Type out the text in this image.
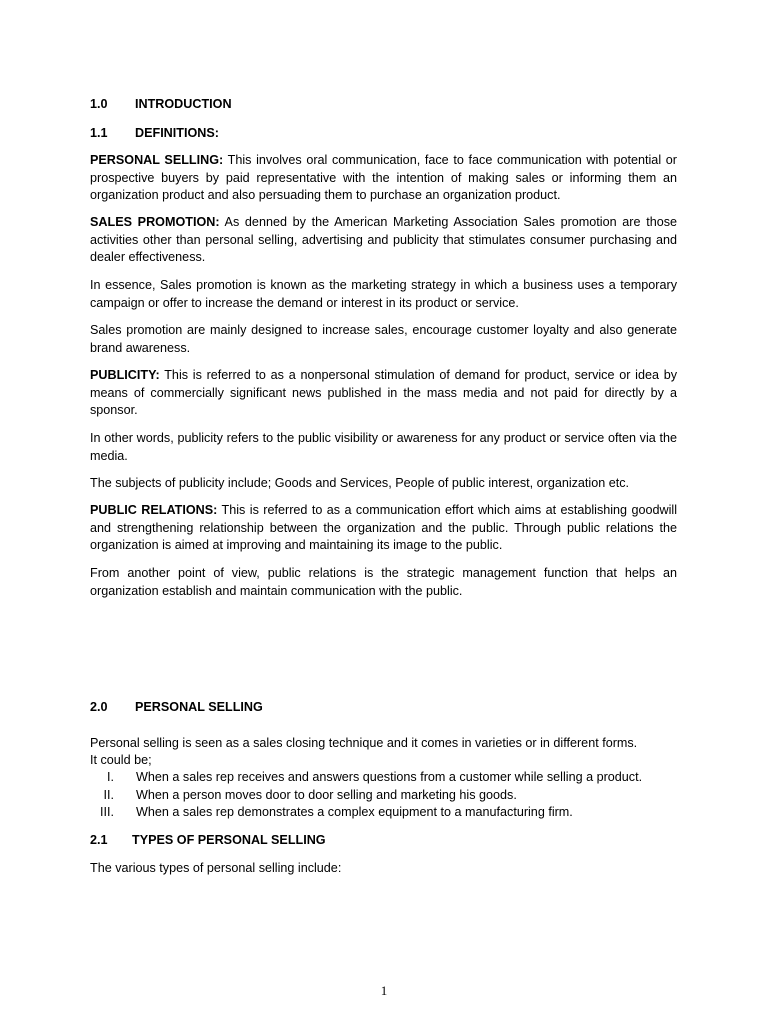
1.0 INTRODUCTION
1.1 DEFINITIONS:

PERSONAL SELLING: This involves oral communication, face to face communication with potential or prospective buyers by paid representative with the intention of making sales or informing them an organization product and also persuading them to purchase an organization product.

SALES PROMOTION: As denned by the American Marketing Association Sales promotion are those activities other than personal selling, advertising and publicity that stimulates consumer purchasing and dealer effectiveness.

In essence, Sales promotion is known as the marketing strategy in which a business uses a temporary campaign or offer to increase the demand or interest in its product or service.

Sales promotion are mainly designed to increase sales, encourage customer loyalty and also generate brand awareness.

PUBLICITY: This is referred to as a nonpersonal stimulation of demand for product, service or idea by means of commercially significant news published in the mass media and not paid for directly by a sponsor.

In other words, publicity refers to the public visibility or awareness for any product or service often via the media.

The subjects of publicity include; Goods and Services, People of public interest, organization etc.

PUBLIC RELATIONS: This is referred to as a communication effort which aims at establishing goodwill and strengthening relationship between the organization and the public. Through public relations the organization is aimed at improving and maintaining its image to the public.

From another point of view, public relations is the strategic management function that helps an organization establish and maintain communication with the public.

2.0 PERSONAL SELLING

Personal selling is seen as a sales closing technique and it comes in varieties or in different forms.

It could be;

I. When a sales rep receives and answers questions from a customer while selling a product.
II. When a person moves door to door selling and marketing his goods.
III. When a sales rep demonstrates a complex equipment to a manufacturing firm.
2.1 TYPES OF PERSONAL SELLING

The various types of personal selling include:

1
